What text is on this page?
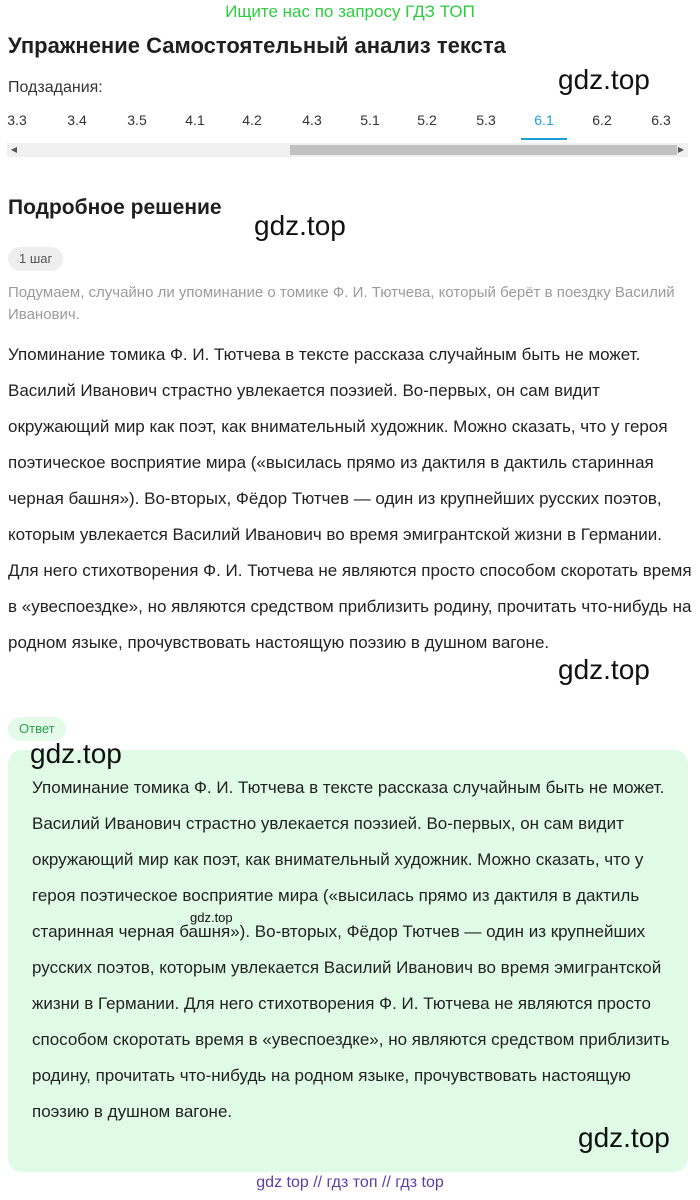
Ищите нас по запросу ГДЗ ТОП
Упражнение Самостоятельный анализ текста
Подзадания:	gdz.top
3.3	3.4	3.5	4.1	4.2	4.3	5.1	5.2	5.3	6.1	6.2	6.3
◀	▶
Подробное решение
gdz.top
1 шаг
Подумаем, случайно ли упоминание о томике Ф. И. Тютчева, который берёт в поездку Василий Иванович.
Упоминание томика Ф. И. Тютчева в тексте рассказа случайным быть не может. Василий Иванович страстно увлекается поэзией. Во-первых, он сам видит окружающий мир как поэт, как внимательный художник. Можно сказать, что у героя поэтическое восприятие мира («высилась прямо из дактиля в дактиль старинная черная башня»). Во-вторых, Фёдор Тютчев — один из крупнейших русских поэтов, которым увлекается Василий Иванович во время эмигрантской жизни в Германии. Для него стихотворения Ф. И. Тютчева не являются просто способом скоротать время в «увеспоездке», но являются средством приблизить родину, прочитать что-нибудь на родном языке, прочувствовать настоящую поэзию в душном вагоне.
gdz.top
Ответ
Упоминание томика Ф. И. Тютчева в тексте рассказа случайным быть не может. Василий Иванович страстно увлекается поэзией. Во-первых, он сам видит окружающий мир как поэт, как внимательный художник. Можно сказать, что у героя поэтическое восприятие мира («высилась прямо из дактиля в дактиль старинная черная башня»). Во-вторых, Фёдор Тютчев — один из крупнейших русских поэтов, которым увлекается Василий Иванович во время эмигрантской жизни в Германии. Для него стихотворения Ф. И. Тютчева не являются просто способом скоротать время в «увеспоездке», но являются средством приблизить родину, прочитать что-нибудь на родном языке, прочувствовать настоящую поэзию в душном вагоне.
gdz.top
gdz.top
gdz.top
gdz top // гдз топ // гдз top
